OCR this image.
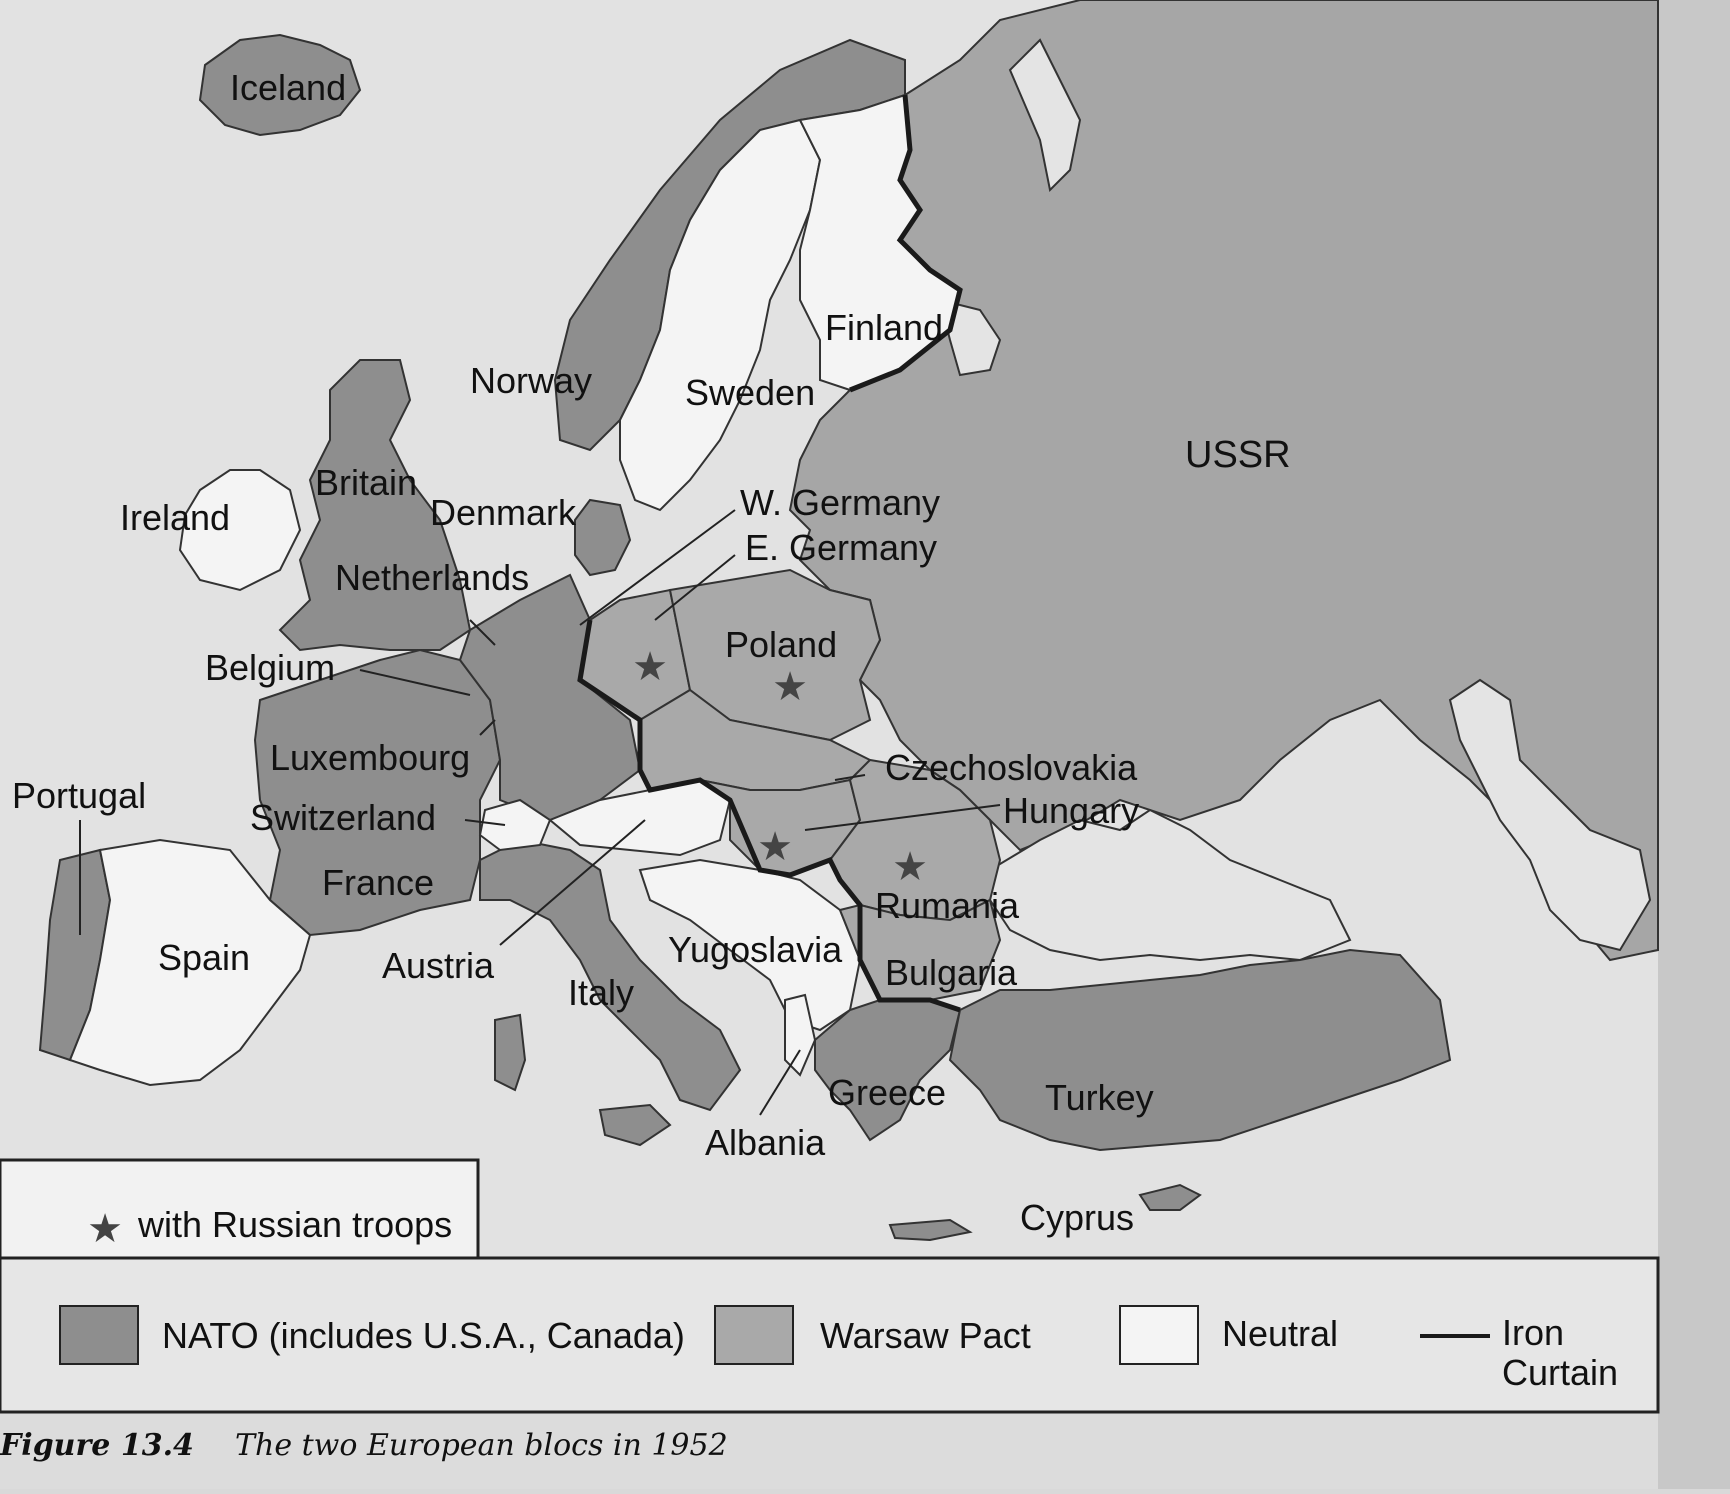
★	★
★ ★
Iceland
Norway	Sweden
Finland
USSR
Britain
Ireland	Denmark	W. Germany
E. Germany
Netherlands
Poland
Belgium
Luxembourg	Czechoslovakia
Portugal
Switzerland	Hungary
France
Rumania
Spain	Austria	Yugoslavia
Bulgaria
Italy
Greece	Turkey
Albania
Cyprus
★ with Russian troops
NATO (includes U.S.A., Canada)	Warsaw Pact	Neutral	Iron
Curtain
Figure 13.4 The two European blocs in 1952
